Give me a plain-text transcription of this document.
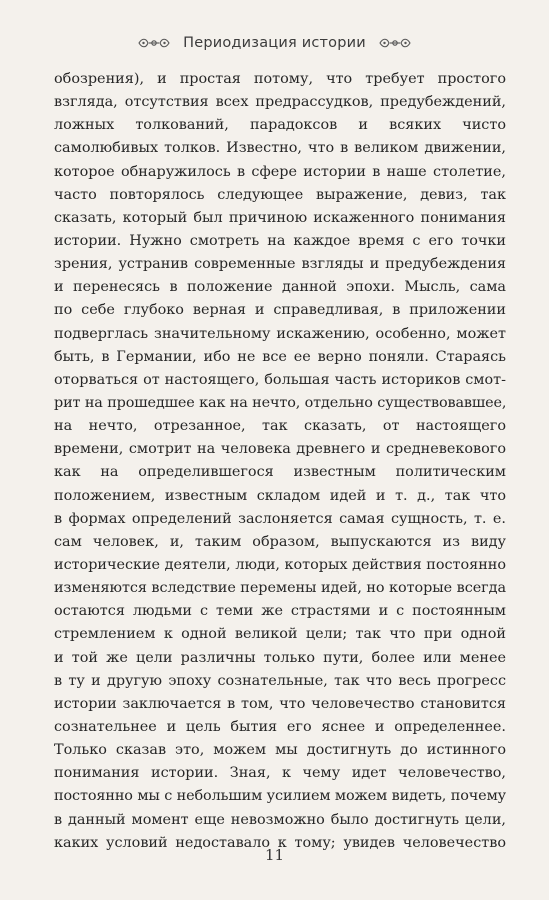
Периодизация истории
обозрения), и простая потому, что требует простого
взгляда, отсутствия всех предрассудков, предубеждений,
ложных толкований, парадоксов и всяких чисто
самолюбивых толков. Известно, что в великом движении,
которое обнаружилось в сфере истории в наше столетие,
часто повторялось следующее выражение, девиз, так
сказать, который был причиною искаженного понимания
истории. Нужно смотреть на каждое время с его точки
зрения, устранив современные взгляды и предубеждения
и перенесясь в положение данной эпохи. Мысль, сама
по себе глубоко верная и справедливая, в приложении
подверглась значительному искажению, особенно, может
быть, в Германии, ибо не все ее верно поняли. Стараясь
оторваться от настоящего, большая часть историков смот-
рит на прошедшее как на нечто, отдельно существовавшее,
на нечто, отрезанное, так сказать, от настоящего
времени, смотрит на человека древнего и средневекового
как на определившегося известным политическим
положением, известным складом идей и т. д., так что
в формах определений заслоняется самая сущность, т. е.
сам человек, и, таким образом, выпускаются из виду
исторические деятели, люди, которых действия постоянно
изменяются вследствие перемены идей, но которые всегда
остаются людьми с теми же страстями и с постоянным
стремлением к одной великой цели; так что при одной
и той же цели различны только пути, более или менее
в ту и другую эпоху сознательные, так что весь прогресс
истории заключается в том, что человечество становится
сознательнее и цель бытия его яснее и определеннее.
Только сказав это, можем мы достигнуть до истинного
понимания истории. Зная, к чему идет человечество,
постоянно мы с небольшим усилием можем видеть, почему
в данный момент еще невозможно было достигнуть цели,
каких условий недоставало к тому; увидев человечество
11
